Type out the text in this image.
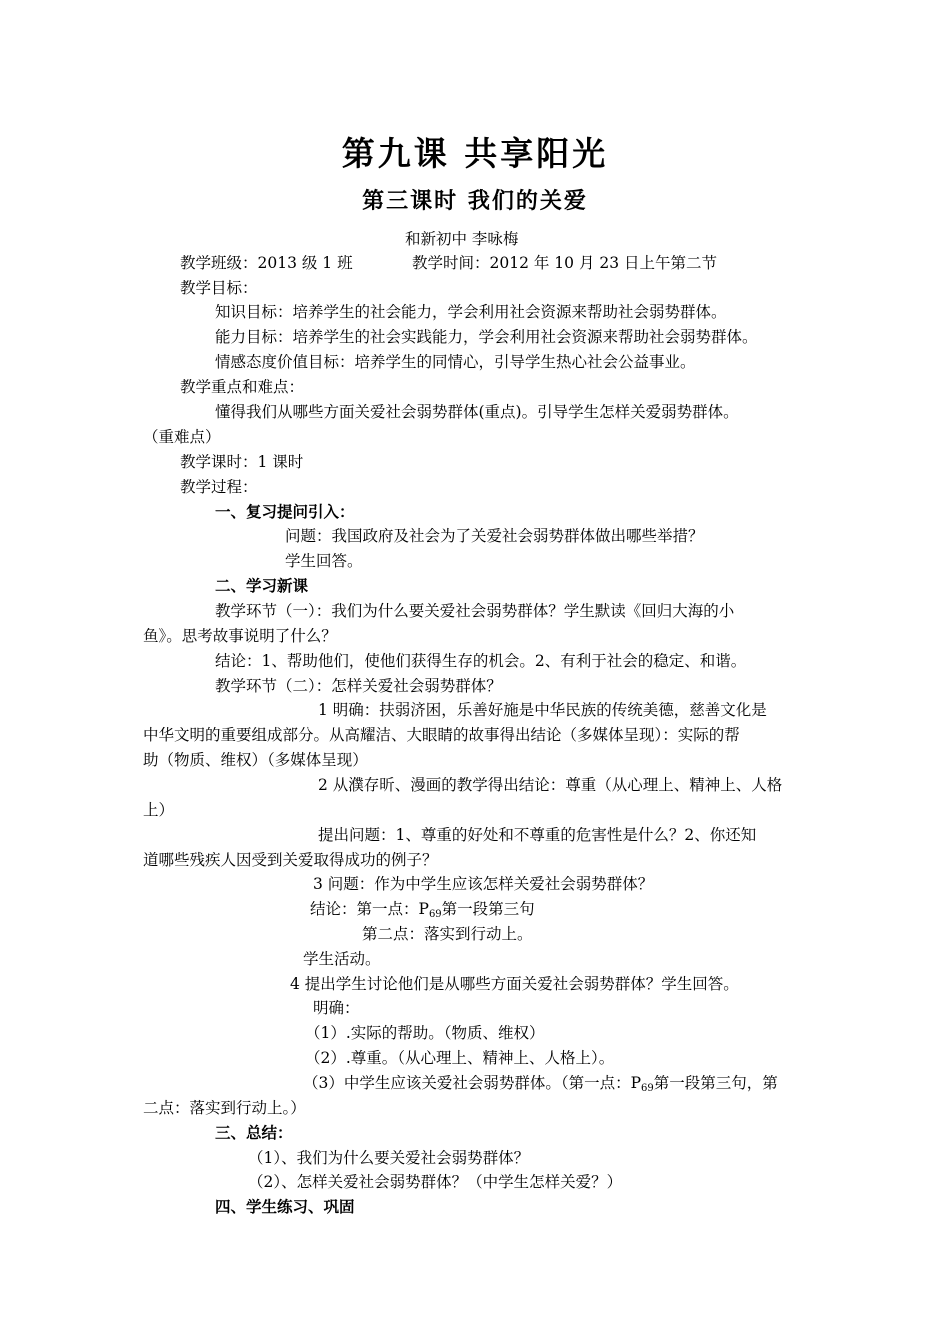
第九课 共享阳光
第三课时 我们的关爱
和新初中 李咏梅
教学班级：2013 级 1 班	教学时间：2012 年 10 月 23 日上午第二节
教学目标：
知识目标：培养学生的社会能力，学会利用社会资源来帮助社会弱势群体。
能力目标：培养学生的社会实践能力，学会利用社会资源来帮助社会弱势群体。
情感态度价值目标：培养学生的同情心，引导学生热心社会公益事业。
教学重点和难点：
懂得我们从哪些方面关爱社会弱势群体(重点)。引导学生怎样关爱弱势群体。
（重难点）
教学课时：1 课时
教学过程：
一、复习提问引入：
问题：我国政府及社会为了关爱社会弱势群体做出哪些举措？
学生回答。
二、学习新课
教学环节（一）：我们为什么要关爱社会弱势群体？学生默读《回归大海的小
鱼》。思考故事说明了什么？
结论：1、帮助他们，使他们获得生存的机会。2、有利于社会的稳定、和谐。
教学环节（二）：怎样关爱社会弱势群体？
1 明确：扶弱济困，乐善好施是中华民族的传统美德，慈善文化是
中华文明的重要组成部分。从高耀洁、大眼睛的故事得出结论（多媒体呈现）：实际的帮
助（物质、维权）（多媒体呈现）
2 从濮存昕、漫画的教学得出结论：尊重（从心理上、精神上、人格
上）
提出问题：1、尊重的好处和不尊重的危害性是什么？2、你还知
道哪些残疾人因受到关爱取得成功的例子？
3 问题：作为中学生应该怎样关爱社会弱势群体？
结论：第一点：$P_{69}$第一段第三句
第二点：落实到行动上。
学生活动。
4 提出学生讨论他们是从哪些方面关爱社会弱势群体？学生回答。
明确：
（1）.实际的帮助。（物质、维权）
（2）.尊重。（从心理上、精神上、人格上）。
（3）中学生应该关爱社会弱势群体。（第一点：$P_{69}$第一段第三句，第
二点：落实到行动上。）
三、总结：
（1）、我们为什么要关爱社会弱势群体？
（2）、怎样关爱社会弱势群体？（中学生怎样关爱？）
四、学生练习、巩固
